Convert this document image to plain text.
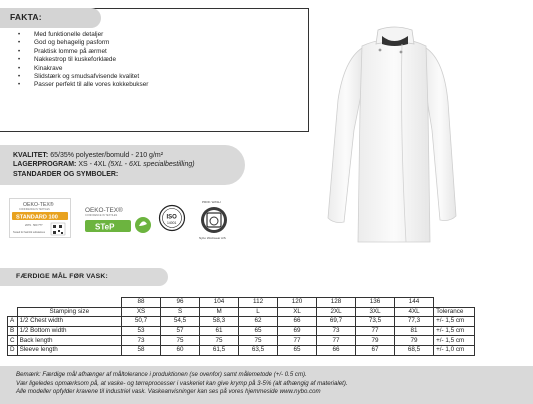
FAKTA:
• Med funktionelle detaljer
• God og behagelig pasform
• Praktisk lomme på ærmet
• Nakkestrop til kuskeforklæde
• Kinakrave
• Slidstærk og smudsafvisende kvalitet
• Passer perfekt til alle vores kokkebukser
KVALITET: 65/35% polyester/bomuld - 210 g/m²
LAGERPROGRAM: XS - 4XL (5XL - 6XL specialbestilling)
STANDARDER OG SYMBOLER:
OEKO-TEX®
CONFIDENCE IN TEXTILES
STANDARD 100
2079 · 500 ???
Tested for harmful substances
OEKO-TEX®
CONFIDENCE IN TEXTILES
STeP
ISO
14001
PROF. WASH
Nybo Workwear A/S
FÆRDIGE MÅL FØR VASK:
		88	96	104	112	120	128	136	144	
	Stamping size	XS	S	M	L	XL	2XL	3XL	4XL	Tolerance
A	1/2 Chest width	50,7	54,5	58,3	62	66	69,7	73,5	77,3	+/- 1,5 cm
B	1/2 Bottom width	53	57	61	65	69	73	77	81	+/- 1,5 cm
C	Back length	73	75	75	75	77	77	79	79	+/- 1,5 cm
D	Sleeve length	58	60	61,5	63,5	65	66	67	68,5	+/- 1,0 cm
Bemærk: Færdige mål afhænger af måltolerance i produktionen (se ovenfor) samt målemetode (+/- 0.5 cm).
Vær ligeledes opmærksom på, at vaske- og tørreprocesser i vaskeriet kan give krymp på 3-5% (alt afhængig af materialet).
Alle modeller opfylder kravene til industriel vask. Vaskeanvisninger kan ses på vores hjemmeside www.nybo.com
